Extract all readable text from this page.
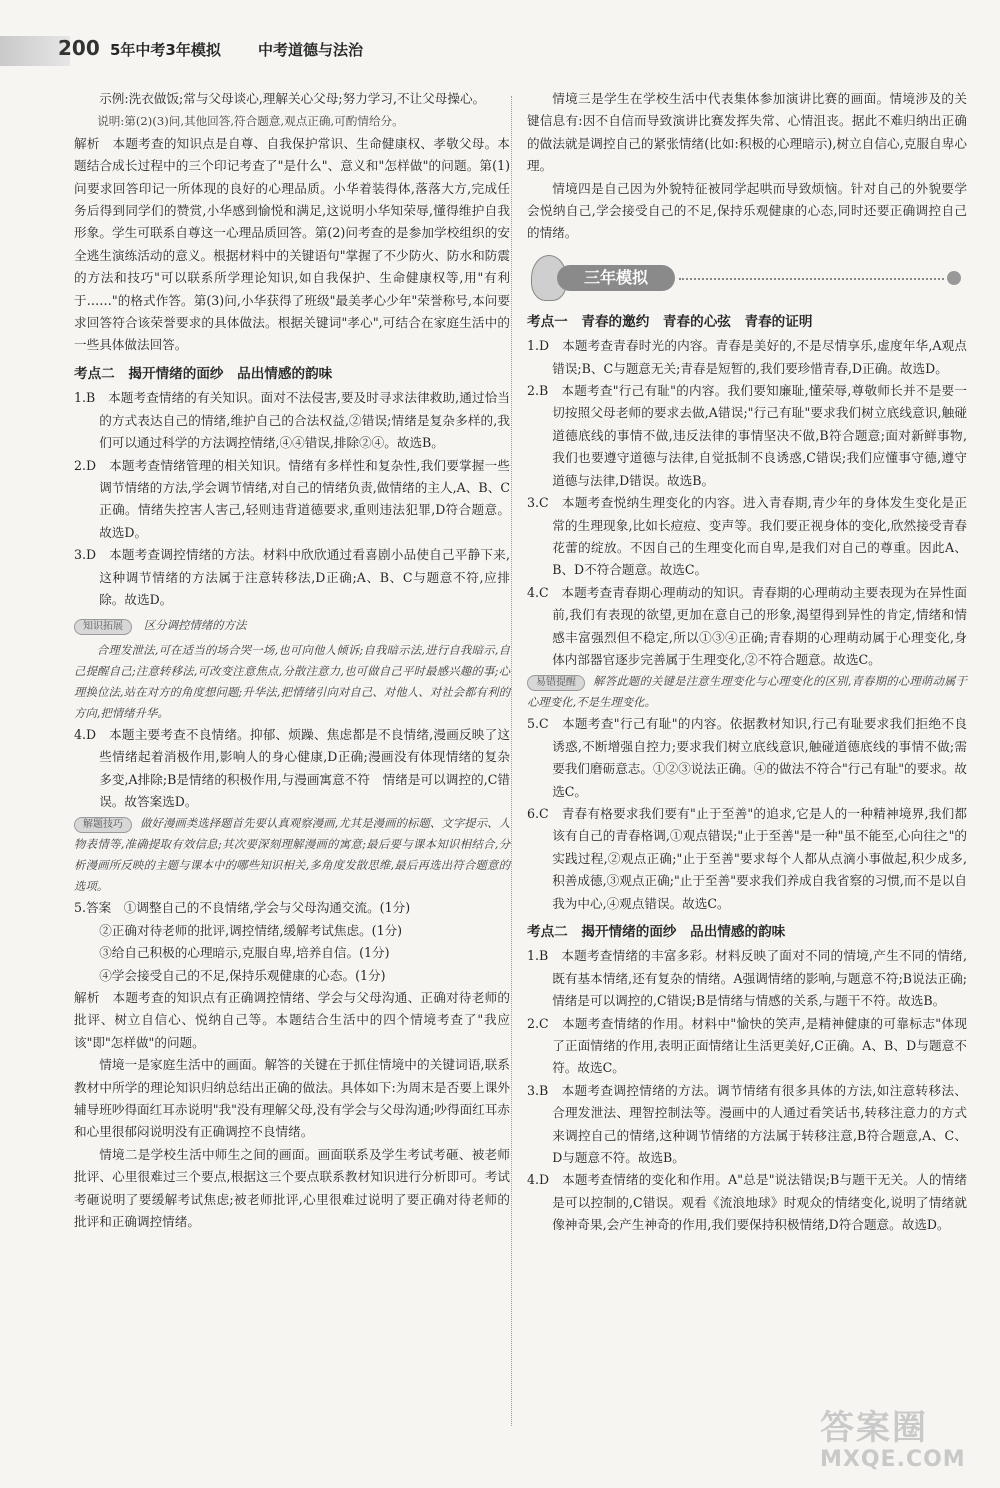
200 5年中考3年模拟 中考道德与法治

示例:洗衣做饭;常与父母谈心,理解关心父母;努力学习,不让父母操心。

说明:第(2)(3)问,其他回答,符合题意,观点正确,可酌情给分。

解析　本题考查的知识点是自尊、自我保护常识、生命健康权、孝敬父母。本题结合成长过程中的三个印记考查了"是什么"、意义和"怎样做"的问题。第(1)问要求回答印记一所体现的良好的心理品质。小华着装得体,落落大方,完成任务后得到同学们的赞赏,小华感到愉悦和满足,这说明小华知荣辱,懂得维护自我形象。学生可联系自尊这一心理品质回答。第(2)问考查的是参加学校组织的安全逃生演练活动的意义。根据材料中的关键语句"掌握了不少防火、防水和防震的方法和技巧"可以联系所学理论知识,如自我保护、生命健康权等,用"有利于……"的格式作答。第(3)问,小华获得了班级"最美孝心少年"荣誉称号,本问要求回答符合该荣誉要求的具体做法。根据关键词"孝心",可结合在家庭生活中的一些具体做法回答。

考点二　揭开情绪的面纱　品出情感的韵味

1.B　本题考查情绪的有关知识。面对不法侵害,要及时寻求法律救助,通过恰当的方式表达自己的情绪,维护自己的合法权益,②错误;情绪是复杂多样的,我们可以通过科学的方法调控情绪,④④错误,排除②④。故选B。

2.D　本题考查情绪管理的相关知识。情绪有多样性和复杂性,我们要掌握一些调节情绪的方法,学会调节情绪,对自己的情绪负责,做情绪的主人,A、B、C正确。情绪失控害人害己,轻则违背道德要求,重则违法犯罪,D符合题意。故选D。

3.D　本题考查调控情绪的方法。材料中欣欣通过看喜剧小品使自己平静下来,这种调节情绪的方法属于注意转移法,D正确;A、B、C与题意不符,应排除。故选D。

知识拓展 区分调控情绪的方法

合理发泄法,可在适当的场合哭一场,也可向他人倾诉;自我暗示法,进行自我暗示,自己提醒自己;注意转移法,可改变注意焦点,分散注意力,也可做自己平时最感兴趣的事;心理换位法,站在对方的角度想问题;升华法,把情绪引向对自己、对他人、对社会都有利的方向,把情绪升华。

4.D　本题主要考查不良情绪。抑郁、烦躁、焦虑都是不良情绪,漫画反映了这些情绪起着消极作用,影响人的身心健康,D正确;漫画没有体现情绪的复杂多变,A排除;B是情绪的积极作用,与漫画寓意不符　情绪是可以调控的,C错误。故答案选D。

解题技巧 做好漫画类选择题首先要认真观察漫画,尤其是漫画的标题、文字提示、人物表情等,准确提取有效信息;其次要深刻理解漫画的寓意;最后要与课本知识相结合,分析漫画所反映的主题与课本中的哪些知识相关,多角度发散思维,最后再选出符合题意的选项。

5.答案　①调整自己的不良情绪,学会与父母沟通交流。(1分)

②正确对待老师的批评,调控情绪,缓解考试焦虑。(1分)

③给自己积极的心理暗示,克服自卑,培养自信。(1分)

④学会接受自己的不足,保持乐观健康的心态。(1分)

解析　本题考查的知识点有正确调控情绪、学会与父母沟通、正确对待老师的批评、树立自信心、悦纳自己等。本题结合生活中的四个情境考查了"我应该"即"怎样做"的问题。

情境一是家庭生活中的画面。解答的关键在于抓住情境中的关键词语,联系教材中所学的理论知识归纳总结出正确的做法。具体如下:为周末是否要上课外辅导班吵得面红耳赤说明"我"没有理解父母,没有学会与父母沟通;吵得面红耳赤和心里很郁闷说明没有正确调控不良情绪。

情境二是学校生活中师生之间的画面。画面联系及学生考试考砸、被老师批评、心里很难过三个要点,根据这三个要点联系教材知识进行分析即可。考试考砸说明了要缓解考试焦虑;被老师批评,心里很难过说明了要正确对待老师的批评和正确调控情绪。

情境三是学生在学校生活中代表集体参加演讲比赛的画面。情境涉及的关键信息有:因不自信而导致演讲比赛发挥失常、心情沮丧。据此不难归纳出正确的做法就是调控自己的紧张情绪(比如:积极的心理暗示),树立自信心,克服自卑心理。

情境四是自己因为外貌特征被同学起哄而导致烦恼。针对自己的外貌要学会悦纳自己,学会接受自己的不足,保持乐观健康的心态,同时还要正确调控自己的情绪。

三年模拟
考点一　青春的邀约　青春的心弦　青春的证明

1.D　本题考查青春时光的内容。青春是美好的,不是尽情享乐,虚度年华,A观点错误;B、C与题意无关;青春是短暂的,我们要珍惜青春,D正确。故选D。

2.B　本题考查"行己有耻"的内容。我们要知廉耻,懂荣辱,尊敬师长并不是要一切按照父母老师的要求去做,A错误;"行己有耻"要求我们树立底线意识,触碰道德底线的事情不做,违反法律的事情坚决不做,B符合题意;面对新鲜事物,我们也要遵守道德与法律,自觉抵制不良诱惑,C错误;我们应懂事守德,遵守道德与法律,D错误。故选B。

3.C　本题考查悦纳生理变化的内容。进入青春期,青少年的身体发生变化是正常的生理现象,比如长痘痘、变声等。我们要正视身体的变化,欣然接受青春花蕾的绽放。不因自己的生理变化而自卑,是我们对自己的尊重。因此A、B、D不符合题意。故选C。

4.C　本题考查青春期心理萌动的知识。青春期的心理萌动主要表现为在异性面前,我们有表现的欲望,更加在意自己的形象,渴望得到异性的肯定,情绪和情感丰富强烈但不稳定,所以①③④正确;青春期的心理萌动属于心理变化,身体内部器官逐步完善属于生理变化,②不符合题意。故选C。

易错提醒 解答此题的关键是注意生理变化与心理变化的区别,青春期的心理萌动属于心理变化,不是生理变化。

5.C　本题考查"行己有耻"的内容。依据教材知识,行己有耻要求我们拒绝不良诱惑,不断增强自控力;要求我们树立底线意识,触碰道德底线的事情不做;需要我们磨砺意志。①②③说法正确。④的做法不符合"行己有耻"的要求。故选C。

6.C　青春有格要求我们要有"止于至善"的追求,它是人的一种精神境界,我们都该有自己的青春格调,①观点错误;"止于至善"是一种"虽不能至,心向往之"的实践过程,②观点正确;"止于至善"要求每个人都从点滴小事做起,积少成多,积善成德,③观点正确;"止于至善"要求我们养成自我省察的习惯,而不是以自我为中心,④观点错误。故选C。

考点二　揭开情绪的面纱　品出情感的韵味

1.B　本题考查情绪的丰富多彩。材料反映了面对不同的情境,产生不同的情绪,既有基本情绪,还有复杂的情绪。A强调情绪的影响,与题意不符;B说法正确;情绪是可以调控的,C错误;B是情绪与情感的关系,与题干不符。故选B。

2.C　本题考查情绪的作用。材料中"愉快的笑声,是精神健康的可靠标志"体现了正面情绪的作用,表明正面情绪让生活更美好,C正确。A、B、D与题意不符。故选C。

3.B　本题考查调控情绪的方法。调节情绪有很多具体的方法,如注意转移法、合理发泄法、理智控制法等。漫画中的人通过看笑话书,转移注意力的方式来调控自己的情绪,这种调节情绪的方法属于转移注意,B符合题意,A、C、D与题意不符。故选B。

4.D　本题考查情绪的变化和作用。A"总是"说法错误;B与题干无关。人的情绪是可以控制的,C错误。观看《流浪地球》时观众的情绪变化,说明了情绪就像神奇果,会产生神奇的作用,我们要保持积极情绪,D符合题意。故选D。

答案圈
MXQE.COM
